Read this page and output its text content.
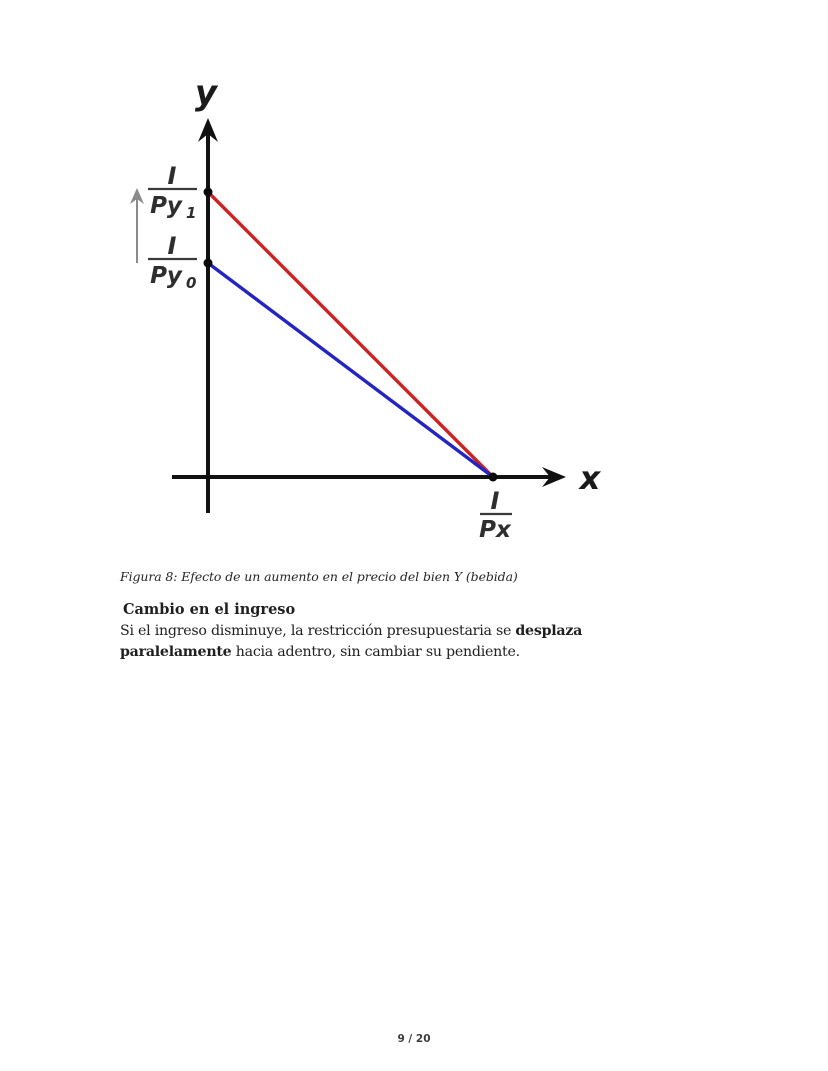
y
x
I
Py 1
I
Py 0
I
Px
Figura 8: Efecto de un aumento en el precio del bien Y (bebida)
Cambio en el ingreso

Si el ingreso disminuye, la restricción presupuestaria se desplaza paralelamente hacia adentro, sin cambiar su pendiente.

9 / 20
